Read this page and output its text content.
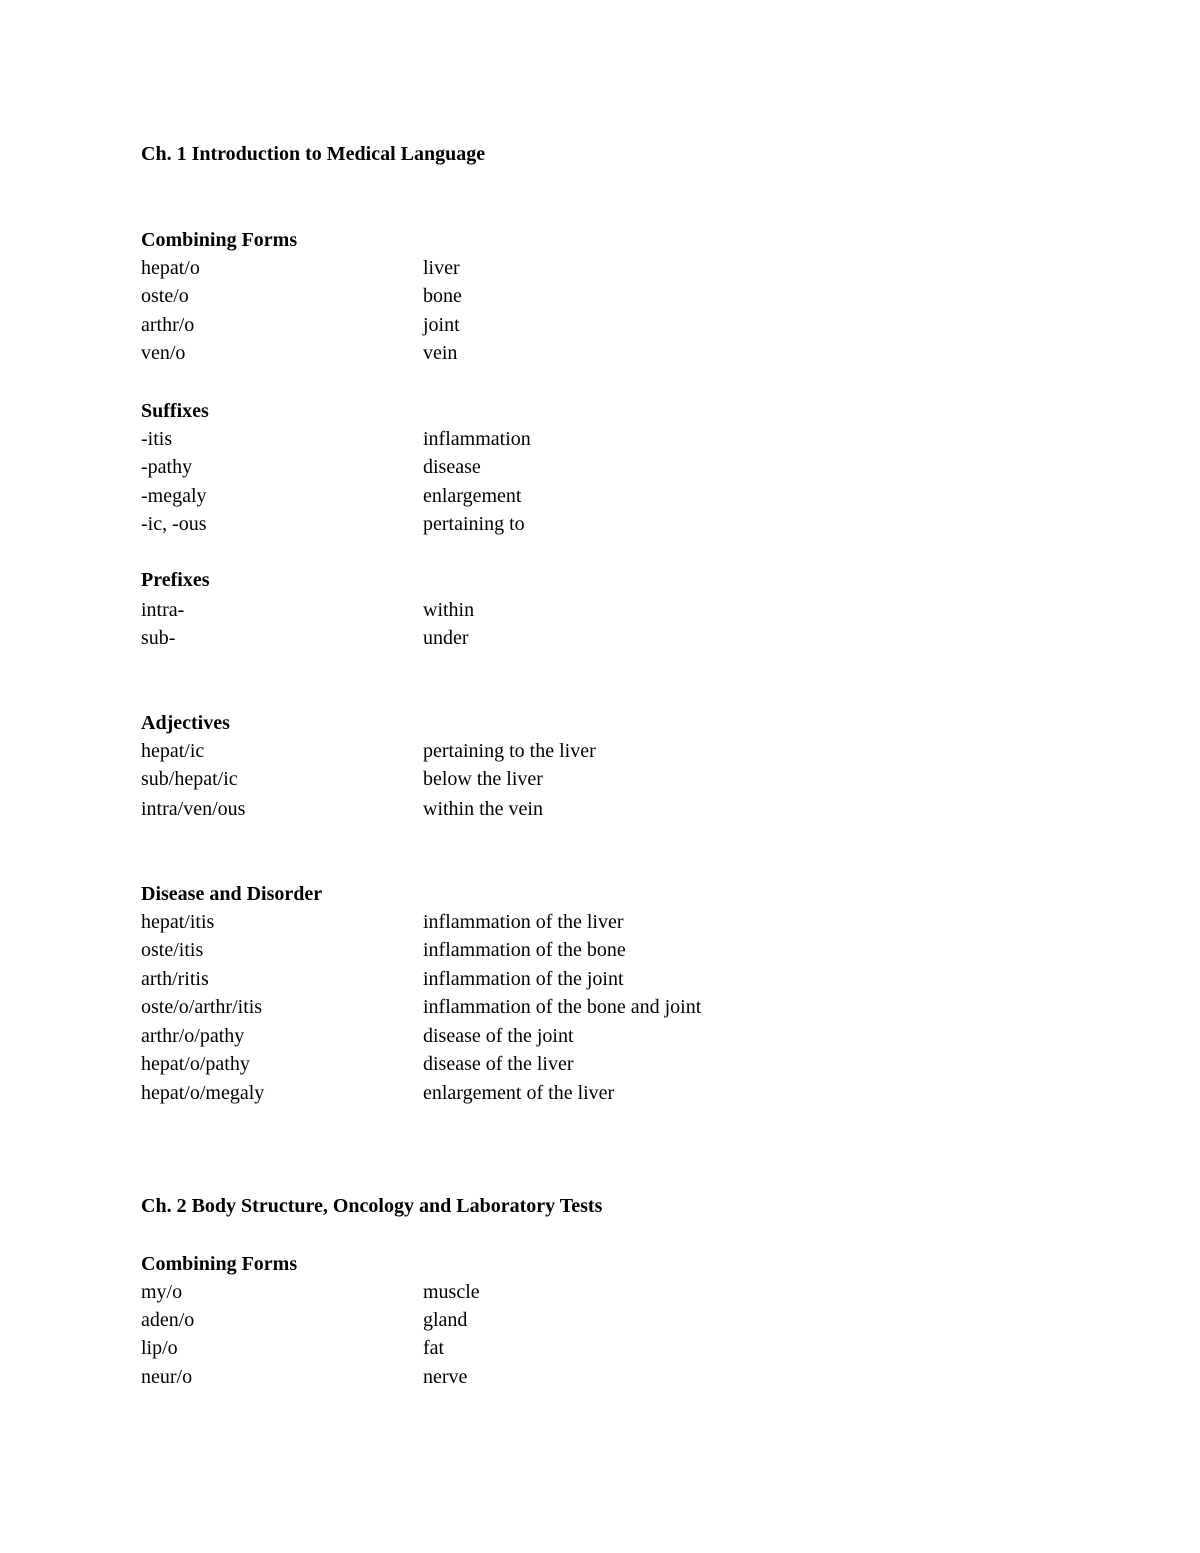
Ch. 1 Introduction to Medical Language
Combining Forms
hepat/o	liver
oste/o	bone
arthr/o	joint
ven/o	vein
Suffixes
-itis	inflammation
-pathy	disease
-megaly	enlargement
-ic, -ous	pertaining to
Prefixes
intra-	within
sub-	under
Adjectives
hepat/ic	pertaining to the liver
sub/hepat/ic	below the liver
intra/ven/ous	within the vein
Disease and Disorder
hepat/itis	inflammation of the liver
oste/itis	inflammation of the bone
arth/ritis	inflammation of the joint
oste/o/arthr/itis	inflammation of the bone and joint
arthr/o/pathy	disease of the joint
hepat/o/pathy	disease of the liver
hepat/o/megaly	enlargement of the liver
Ch. 2 Body Structure, Oncology and Laboratory Tests
Combining Forms
my/o	muscle
aden/o	gland
lip/o	fat
neur/o	nerve
